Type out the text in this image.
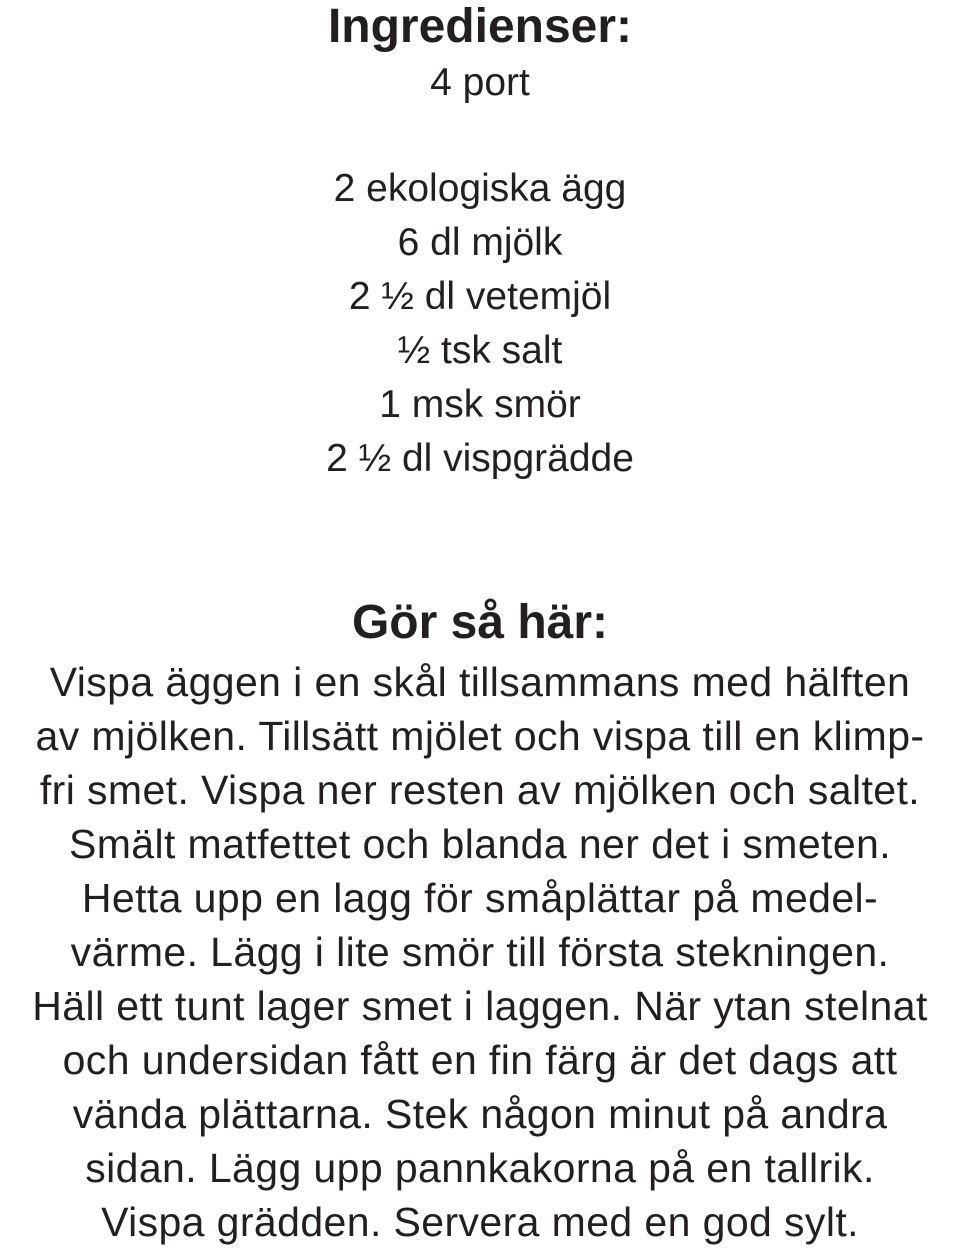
Ingredienser:
4 port
2 ekologiska ägg
6 dl mjölk
2 ½ dl vetemjöl
½ tsk salt
1 msk smör
2 ½ dl vispgrädde
Gör så här:
Vispa äggen i en skål tillsammans med hälften
av mjölken. Tillsätt mjölet och vispa till en klimp-
fri smet. Vispa ner resten av mjölken och saltet.
Smält matfettet och blanda ner det i smeten.
Hetta upp en lagg för småplättar på medel-
värme. Lägg i lite smör till första stekningen.
Häll ett tunt lager smet i laggen. När ytan stelnat
och undersidan fått en fin färg är det dags att
vända plättarna. Stek någon minut på andra
sidan. Lägg upp pannkakorna på en tallrik.
Vispa grädden. Servera med en god sylt.
